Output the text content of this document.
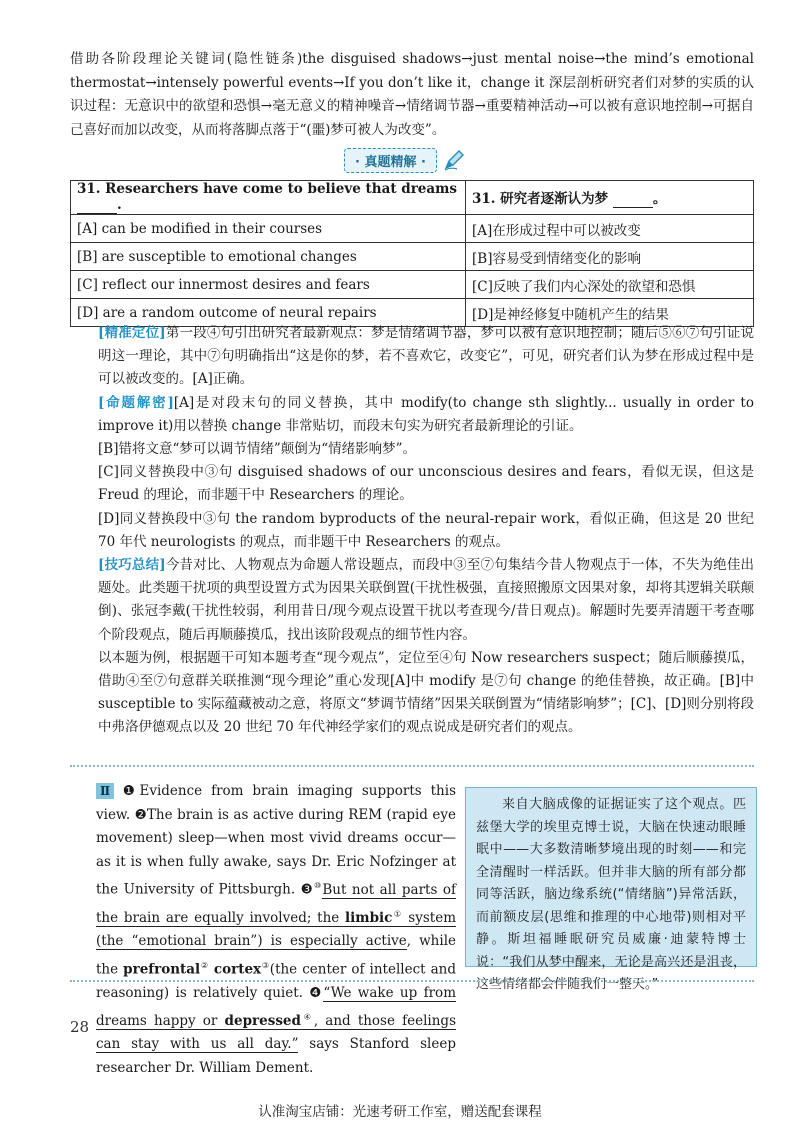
借助各阶段理论关键词(隐性链条)the disguised shadows→just mental noise→the mind’s emotional thermostat→intensely powerful events→If you don’t like it，change it 深层剖析研究者们对梦的实质的认识过程：无意识中的欲望和恐惧→毫无意义的精神噪音→情绪调节器→重要精神活动→可以被有意识地控制→可据自己喜好而加以改变，从而将落脚点落于“(噩)梦可被人为改变”。

· 真题精解 ·
31. Researchers have come to believe that dreams  .	31. 研究者逐渐认为梦 。
[A] can be modified in their courses	[A]在形成过程中可以被改变
[B] are susceptible to emotional changes	[B]容易受到情绪变化的影响
[C] reflect our innermost desires and fears	[C]反映了我们内心深处的欲望和恐惧
[D] are a random outcome of neural repairs	[D]是神经修复中随机产生的结果

[精准定位]第一段④句引出研究者最新观点：梦是情绪调节器，梦可以被有意识地控制；随后⑤⑥⑦句引证说明这一理论，其中⑦句明确指出“这是你的梦，若不喜欢它，改变它”，可见，研究者们认为梦在形成过程中是可以被改变的。[A]正确。

[命题解密][A]是对段末句的同义替换，其中 modify(to change sth slightly... usually in order to improve it)用以替换 change 非常贴切，而段末句实为研究者最新理论的引证。

[B]错将文意“梦可以调节情绪”颠倒为“情绪影响梦”。

[C]同义替换段中③句 disguised shadows of our unconscious desires and fears，看似无误，但这是 Freud 的理论，而非题干中 Researchers 的理论。

[D]同义替换段中③句 the random byproducts of the neural-repair work，看似正确，但这是 20 世纪 70 年代 neurologists 的观点，而非题干中 Researchers 的观点。

[技巧总结]今昔对比、人物观点为命题人常设题点，而段中③至⑦句集结今昔人物观点于一体，不失为绝佳出题处。此类题干扰项的典型设置方式为因果关联倒置(干扰性极强，直接照搬原文因果对象，却将其逻辑关联颠倒)、张冠李戴(干扰性较弱，利用昔日/现今观点设置干扰以考查现今/昔日观点)。解题时先要弄清题干考查哪个阶段观点，随后再顺藤摸瓜，找出该阶段观点的细节性内容。

以本题为例，根据题干可知本题考查“现今观点”，定位至④句 Now researchers suspect；随后顺藤摸瓜，借助④至⑦句意群关联推测“现今理论”重心发现[A]中 modify 是⑦句 change 的绝佳替换，故正确。[B]中 susceptible to 实际蕴藏被动之意，将原文“梦调节情绪”因果关联倒置为“情绪影响梦”；[C]、[D]则分别将段中弗洛伊德观点以及 20 世纪 70 年代神经学家们的观点说成是研究者们的观点。

Ⅱ ❶Evidence from brain imaging supports this view. ❷The brain is as active during REM (rapid eye movement) sleep—when most vivid dreams occur—as it is when fully awake, says Dr. Eric Nofzinger at the University of Pittsburgh. ❸⑩But not all parts of the brain are equally involved; the limbic① system (the “emotional brain”) is especially active, while the prefrontal② cortex③(the center of intellect and reasoning) is relatively quiet. ❹“We wake up from dreams happy or depressed④, and those feelings can stay with us all day.” says Stanford sleep researcher Dr. William Dement.

来自大脑成像的证据证实了这个观点。匹兹堡大学的埃里克博士说，大脑在快速动眼睡眠中——大多数清晰梦境出现的时刻——和完全清醒时一样活跃。但并非大脑的所有部分都同等活跃，脑边缘系统(“情绪脑”)异常活跃，而前额皮层(思维和推理的中心地带)则相对平静。斯坦福睡眠研究员威廉·迪蒙特博士说：“我们从梦中醒来，无论是高兴还是沮丧，这些情绪都会伴随我们一整天。”

28
认准淘宝店铺：光速考研工作室，赠送配套课程
